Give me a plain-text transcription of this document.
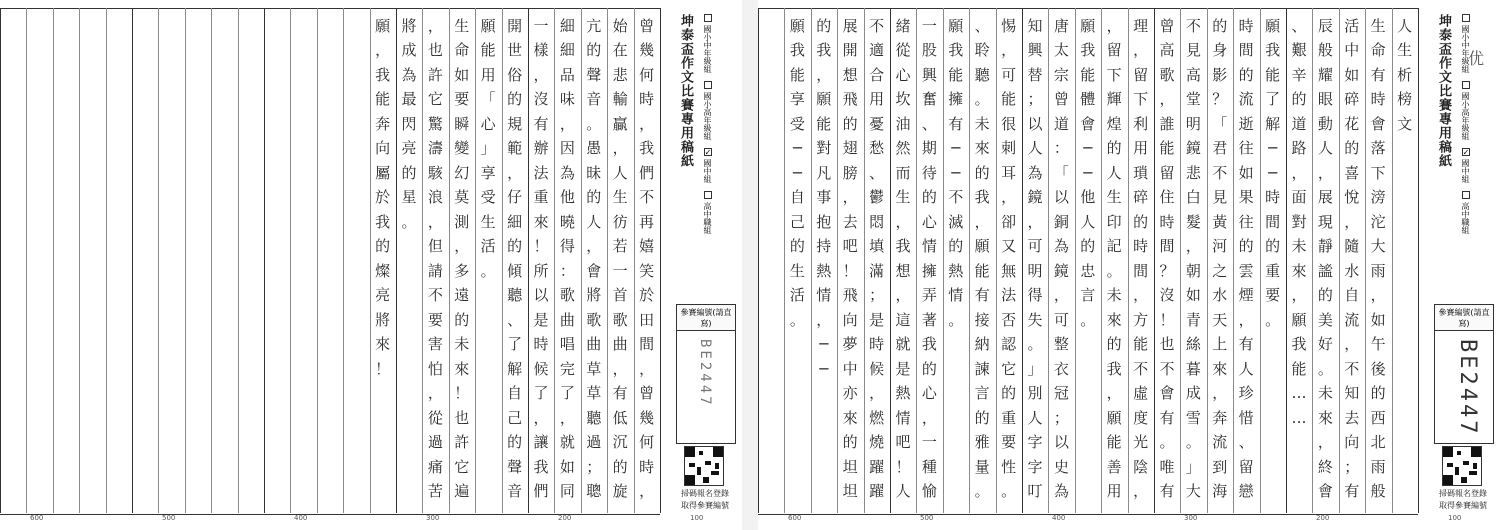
人
生
析
榜
文
生
命
有
時
會
落
下
滂
沱
大
雨
，
如
午
後
的
西
北
雨
般
活
中
如
碎
花
的
喜
悅
，
隨
水
自
流
，
不
知
去
向
；
有
辰
般
耀
眼
動
人
，
展
現
靜
謐
的
美
好
。
未
來
，
終
會
、
艱
辛
的
道
路
，
面
對
未
來
，
願
我
能
…
…
願
我
能
了
解
─
─
時
間
的
重
要
。
時
間
的
流
逝
往
如
果
往
的
雲
煙
，
有
人
珍
惜
、
留
戀
的
身
影
？
「
君
不
見
黃
河
之
水
天
上
來
，
奔
流
到
海
不
見
高
堂
明
鏡
悲
白
髮
，
朝
如
青
絲
暮
成
雪
。
」
大
曾
高
歌
，
誰
能
留
住
時
間
？
沒
！
也
不
會
有
。
唯
有
理
，
留
下
利
用
瑣
碎
的
時
間
，
方
能
不
虛
度
光
陰
，
，
留
下
輝
煌
的
人
生
印
記
。
未
來
的
我
，
願
能
善
用
願
我
能
體
會
─
─
他
人
的
忠
言
。
唐
太
宗
曾
道
：
「
以
銅
為
鏡
，
可
整
衣
冠
；
以
史
為
知
興
替
；
以
人
為
鏡
，
可
明
得
失
。
」
別
人
字
字
叮
惕
，
可
能
很
刺
耳
，
卻
又
無
法
否
認
它
的
重
要
性
。
、
聆
聽
。
未
來
的
我
，
願
能
有
接
納
諫
言
的
雅
量
。
願
我
能
擁
有
─
─
不
滅
的
熱
情
。
一
股
興
奮
、
期
待
的
心
情
擁
弄
著
我
的
心
，
一
種
愉
緒
從
心
坎
油
然
而
生
，
我
想
，
這
就
是
熱
情
吧
！
人
不
適
合
用
憂
愁
、
鬱
悶
填
滿
；
是
時
候
，
燃
燒
躍
躍
展
開
想
飛
的
翅
膀
，
去
吧
！
飛
向
夢
中
亦
來
的
坦
坦
的
我
，
願
能
對
凡
事
抱
持
熱
情
，
─
─
願
我
能
享
受
─
─
自
己
的
生
活
。
600	500	400	300	200	100
坤泰盃作文比賽專用稿紙 國小中年級組
國小高年級組
✓
國中組
高中職組
參賽編號(請直寫)
BE2447
掃碼報名登錄
取得參賽編號
优
曾
幾
何
時
，
我
們
不
再
嬉
笑
於
田
間
，
曾
幾
何
時
，
始
在
悲
輸
贏
，
人
生
彷
若
一
首
歌
曲
，
有
低
沉
的
旋
亢
的
聲
音
。
愚
昧
的
人
，
會
將
歌
曲
草
草
聽
過
；
聰
細
細
品
味
，
因
為
他
曉
得
：
歌
曲
唱
完
了
，
就
如
同
一
樣
，
沒
有
辦
法
重
來
！
所
以
是
時
候
了
，
讓
我
們
開
世
俗
的
規
範
，
仔
細
的
傾
聽
、
了
解
自
己
的
聲
音
願
能
用
「
心
」
享
受
生
活
。
生
命
如
要
瞬
變
幻
莫
測
，
多
遠
的
未
來
！
也
許
它
遍
，
也
許
它
驚
濤
駭
浪
，
但
請
不
要
害
怕
，
從
過
痛
苦
將
成
為
最
閃
亮
的
星
。
願
，
我
能
奔
向
屬
於
我
的
燦
亮
將
來
！
600	500	400	300	200	100
坤泰盃作文比賽專用稿紙 國小中年級組
國小高年級組
✓
國中組
高中職組
參賽編號(請直寫)
BE2447
掃碼報名登錄
取得參賽編號
